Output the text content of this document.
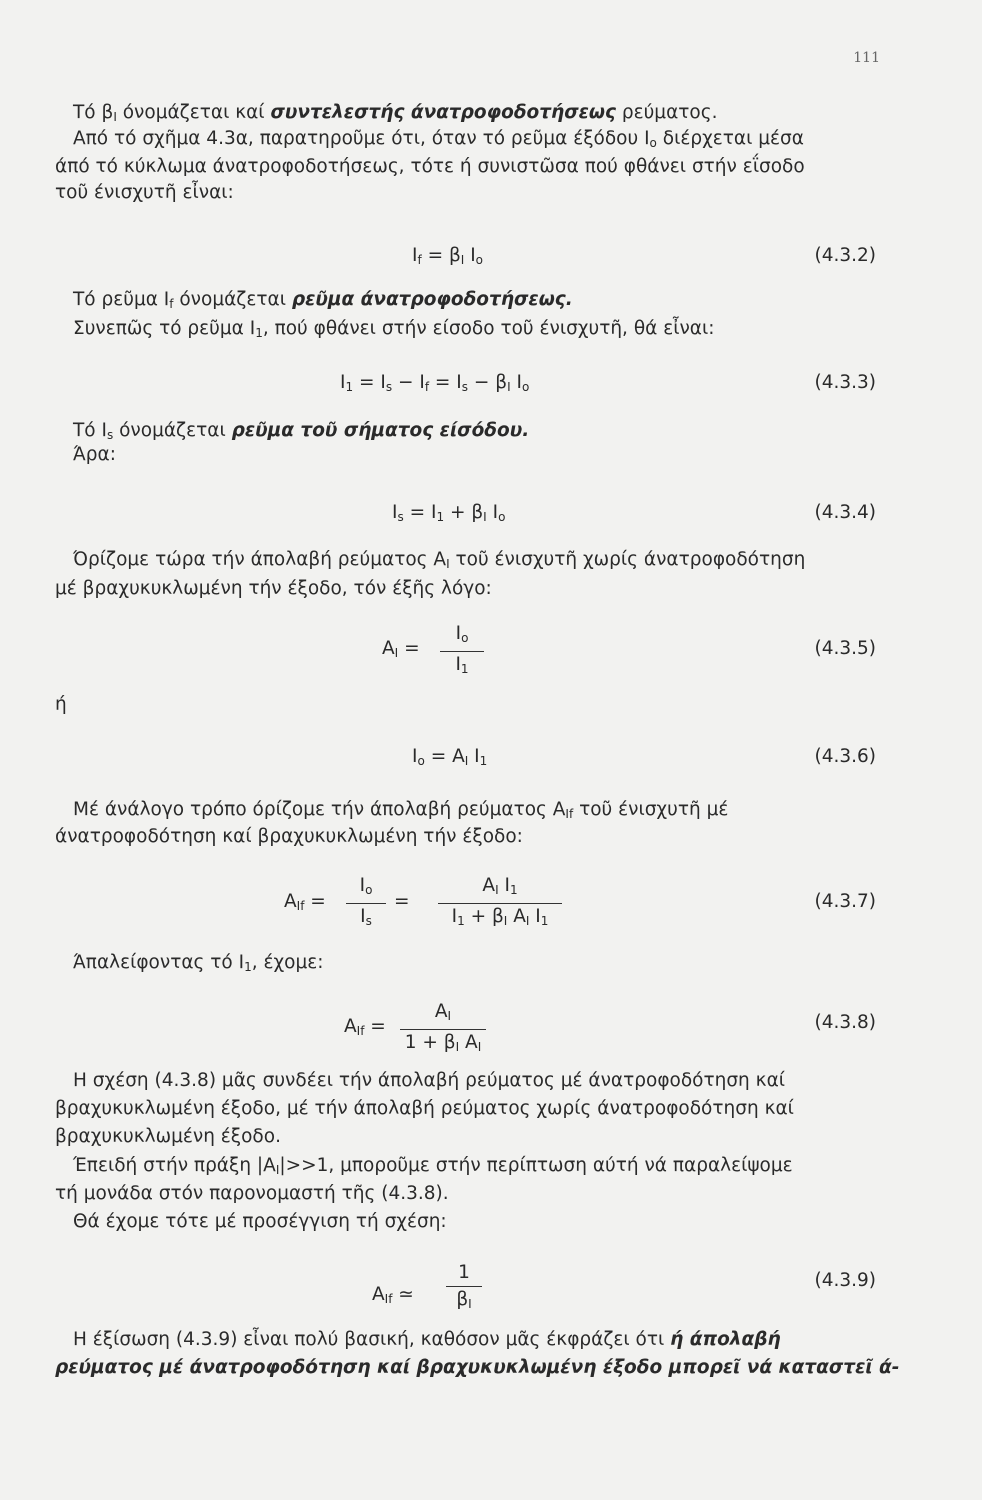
111
Τό $\beta_I$ όνομάζεται καί συντελεστής άνατροφοδοτήσεως ρεύματος.
Από τό σχῆμα 4.3α, παρατηροῦμε ότι, όταν τό ρεῦμα έξόδου $I_o$ διέρχεται μέσα
άπό τό κύκλωμα άνατροφοδοτήσεως, τότε ή συνιστῶσα πού φθάνει στήν εΐσοδο
τοῦ ένισχυτῆ εἶναι:
$I_f = \beta_I$ $I_o$	(4.3.2)
Τό ρεῦμα $I_f$ όνομάζεται ρεῦμα άνατροφοδοτήσεως.
Συνεπῶς τό ρεῦμα $I_1$, πού φθάνει στήν είσοδο τοῦ ένισχυτῆ, θά εἶναι:
$I_1 = I_s - I_f = I_s - \beta_I$ $I_o$	(4.3.3)
Τό $I_s$ όνομάζεται ρεῦμα τοῦ σήματος είσόδου.
Άρα:
$I_s = I_1 + \beta_I$ $I_o$	(4.3.4)
Όρίζομε τώρα τήν άπολαβή ρεύματος $A_I$ τοῦ ένισχυτῆ χωρίς άνατροφοδότηση
μέ βραχυκυκλωμένη τήν έξοδο, τόν έξῆς λόγο:
$A_I$ =
$I_o$
$I_1$
(4.3.5)
ή
$I_o = A_I$ $I_1$	(4.3.6)
Μέ άνάλογο τρόπο όρίζομε τήν άπολαβή ρεύματος $A_{If}$ τοῦ ένισχυτῆ μέ
άνατροφοδότηση καί βραχυκυκλωμένη τήν έξοδο:
$A_{If}$ =
$I_o$
$I_s$
=
$A_I$ $I_1$
$I_1 + \beta_I$ $A_I$ $I_1$
(4.3.7)
Άπαλείφοντας τό $I_1$, έχομε:
$A_{If}$ =
$A_I$
$1 + \beta_I$ $A_I$
(4.3.8)
Η σχέση (4.3.8) μᾶς συνδέει τήν άπολαβή ρεύματος μέ άνατροφοδότηση καί
βραχυκυκλωμένη έξοδο, μέ τήν άπολαβή ρεύματος χωρίς άνατροφοδότηση καί
βραχυκυκλωμένη έξοδο.
Έπειδή στήν πράξη $|A_I|>>1$, μποροῦμε στήν περίπτωση αύτή νά παραλείψομε
τή μονάδα στόν παρονομαστή τῆς (4.3.8).
Θά έχομε τότε μέ προσέγγιση τή σχέση:
$A_{If}$ ≃
1
$\beta_I$
(4.3.9)
Η έξίσωση (4.3.9) εἶναι πολύ βασική, καθόσον μᾶς έκφράζει ότι ή άπολαβή
ρεύματος μέ άνατροφοδότηση καί βραχυκυκλωμένη έξοδο μπορεῖ νά καταστεῖ ά-
